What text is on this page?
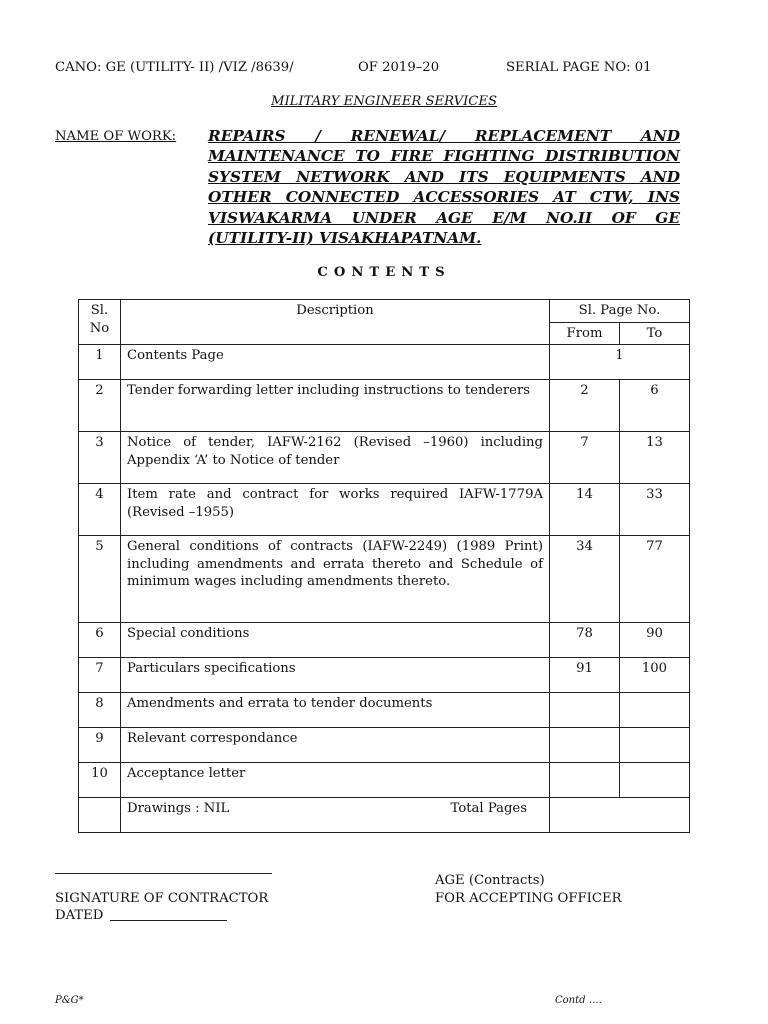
CANO: GE (UTILITY- II) /VIZ /8639/	OF 2019–20	SERIAL PAGE NO: 01
MILITARY ENGINEER SERVICES
NAME OF WORK: REPAIRS / RENEWAL/ REPLACEMENT AND
MAINTENANCE TO FIRE FIGHTING DISTRIBUTION
SYSTEM NETWORK AND ITS EQUIPMENTS AND
OTHER CONNECTED ACCESSORIES AT CTW, INS
VISWAKARMA UNDER AGE E/M NO.II OF GE
(UTILITY-II) VISAKHAPATNAM.
CONTENTS
Sl.
No	Description	Sl. Page No.	
		From	To
1	Contents Page	1	
2	Tender forwarding letter including instructions to tenderers	2	6
3	Notice of tender, IAFW-2162 (Revised –1960) including Appendix ‘A’ to Notice of tender	7	13
4	Item rate and contract for works required IAFW-1779A (Revised –1955)	14	33
5	General conditions of contracts (IAFW-2249) (1989 Print) including amendments and errata thereto and Schedule of minimum wages including amendments thereto.	34	77
6	Special conditions	78	90
7	Particulars specifications	91	100
8	Amendments and errata to tender documents		
9	Relevant correspondance		
10	Acceptance letter		

	Drawings : NIL Total Pages		

SIGNATURE OF CONTRACTOR
DATED
AGE (Contracts)
FOR ACCEPTING OFFICER
P&G*	Contd ….
